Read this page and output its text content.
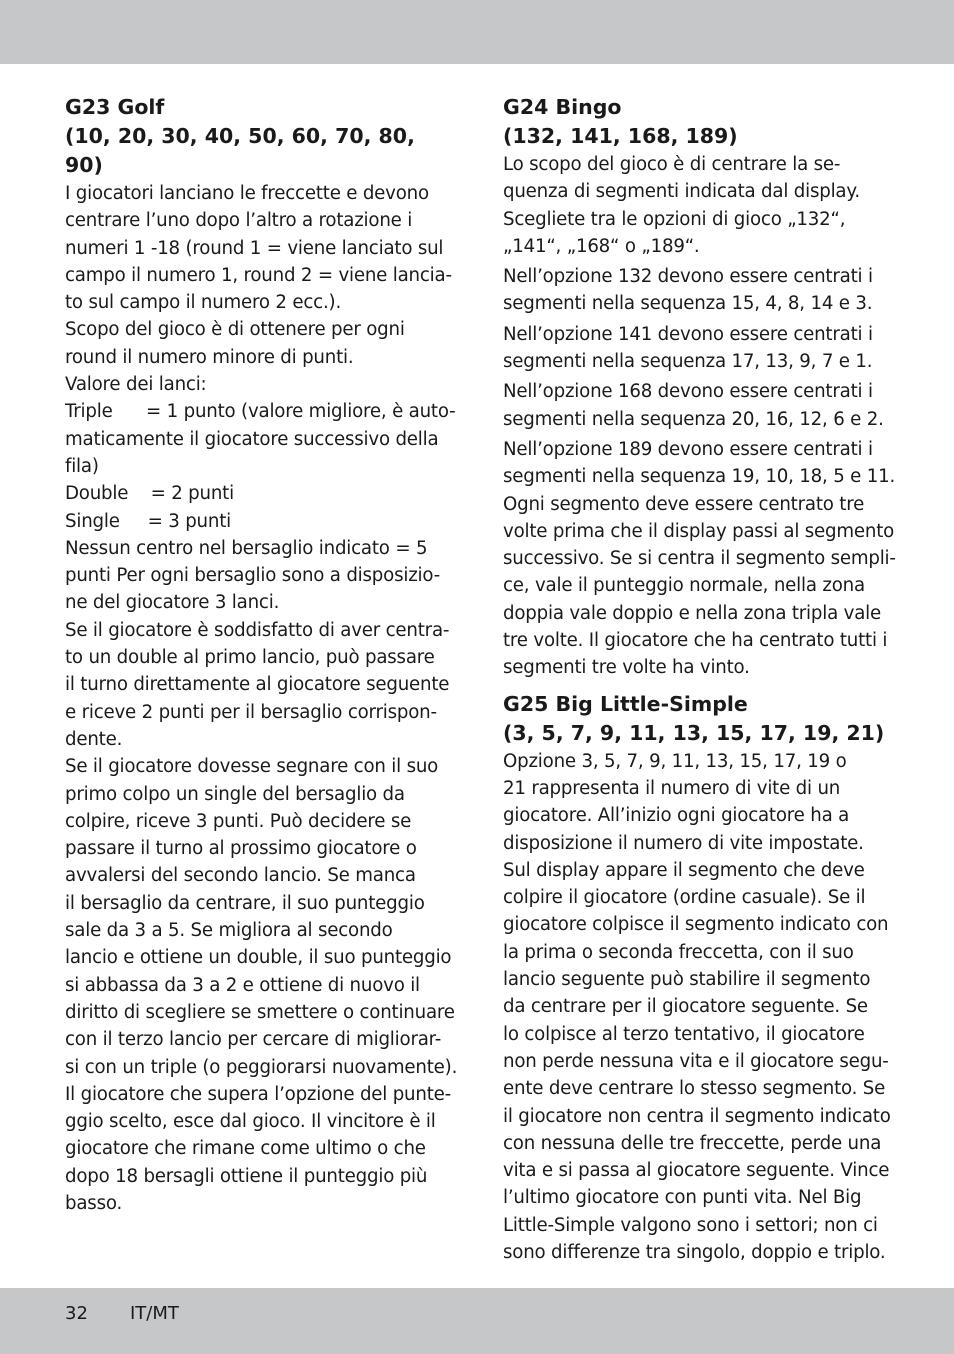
G23 Golf
(10, 20, 30, 40, 50, 60, 70, 80,
90)
I giocatori lanciano le freccette e devono
centrare l’uno dopo l’altro a rotazione i
numeri 1 -18 (round 1 = viene lanciato sul
campo il numero 1, round 2 = viene lancia-
to sul campo il numero 2 ecc.).
Scopo del gioco è di ottenere per ogni
round il numero minore di punti.
Valore dei lanci:
Triple      = 1 punto (valore migliore, è auto-
maticamente il giocatore successivo della
fila)
Double    = 2 punti
Single     = 3 punti
Nessun centro nel bersaglio indicato = 5
punti Per ogni bersaglio sono a disposizio-
ne del giocatore 3 lanci.
Se il giocatore è soddisfatto di aver centra-
to un double al primo lancio, può passare
il turno direttamente al giocatore seguente
e riceve 2 punti per il bersaglio corrispon-
dente.
Se il giocatore dovesse segnare con il suo
primo colpo un single del bersaglio da
colpire, riceve 3 punti. Può decidere se
passare il turno al prossimo giocatore o
avvalersi del secondo lancio. Se manca
il bersaglio da centrare, il suo punteggio
sale da 3 a 5. Se migliora al secondo
lancio e ottiene un double, il suo punteggio
si abbassa da 3 a 2 e ottiene di nuovo il
diritto di scegliere se smettere o continuare
con il terzo lancio per cercare di migliorar-
si con un triple (o peggiorarsi nuovamente).
Il giocatore che supera l’opzione del punte-
ggio scelto, esce dal gioco. Il vincitore è il
giocatore che rimane come ultimo o che
dopo 18 bersagli ottiene il punteggio più
basso.
G24 Bingo
(132, 141, 168, 189)
Lo scopo del gioco è di centrare la se-
quenza di segmenti indicata dal display.
Scegliete tra le opzioni di gioco „132“,
„141“, „168“ o „189“.
Nell’opzione 132 devono essere centrati i
segmenti nella sequenza 15, 4, 8, 14 e 3.
Nell’opzione 141 devono essere centrati i
segmenti nella sequenza 17, 13, 9, 7 e 1.
Nell’opzione 168 devono essere centrati i
segmenti nella sequenza 20, 16, 12, 6 e 2.
Nell’opzione 189 devono essere centrati i
segmenti nella sequenza 19, 10, 18, 5 e 11.
Ogni segmento deve essere centrato tre
volte prima che il display passi al segmento
successivo. Se si centra il segmento sempli-
ce, vale il punteggio normale, nella zona
doppia vale doppio e nella zona tripla vale
tre volte. Il giocatore che ha centrato tutti i
segmenti tre volte ha vinto.
G25 Big Little-Simple
(3, 5, 7, 9, 11, 13, 15, 17, 19, 21)
Opzione 3, 5, 7, 9, 11, 13, 15, 17, 19 o
21 rappresenta il numero di vite di un
giocatore. All’inizio ogni giocatore ha a
disposizione il numero di vite impostate.
Sul display appare il segmento che deve
colpire il giocatore (ordine casuale). Se il
giocatore colpisce il segmento indicato con
la prima o seconda freccetta, con il suo
lancio seguente può stabilire il segmento
da centrare per il giocatore seguente. Se
lo colpisce al terzo tentativo, il giocatore
non perde nessuna vita e il giocatore segu-
ente deve centrare lo stesso segmento. Se
il giocatore non centra il segmento indicato
con nessuna delle tre freccette, perde una
vita e si passa al giocatore seguente. Vince
l’ultimo giocatore con punti vita. Nel Big
Little-Simple valgono sono i settori; non ci
sono differenze tra singolo, doppio e triplo.
32 IT/MT
